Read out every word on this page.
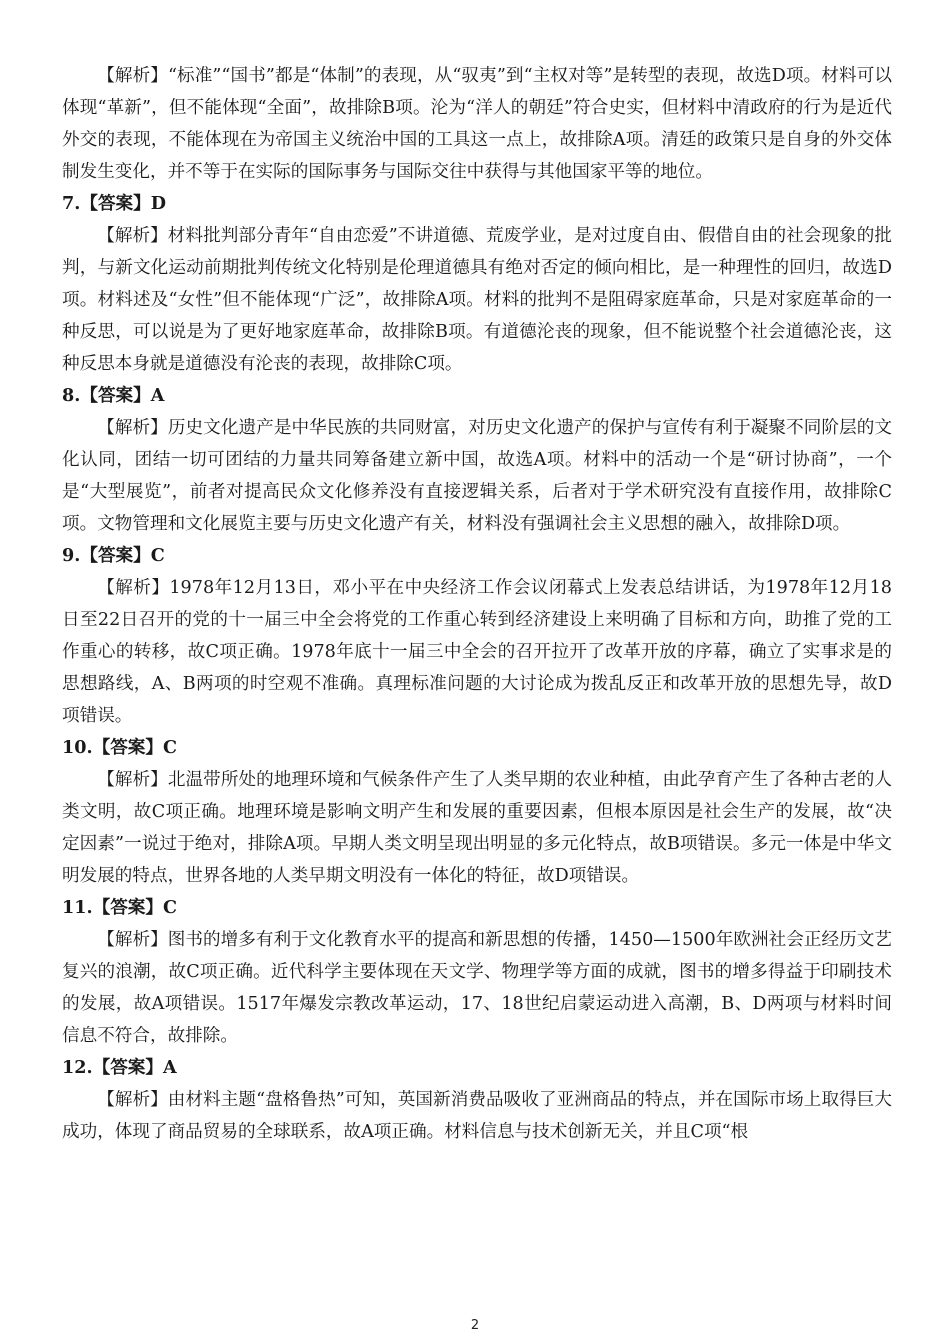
【解析】“标准”“国书”都是“体制”的表现，从“驭夷”到“主权对等”是转型的表现，故选D项。材料可以体现“革新”，但不能体现“全面”，故排除B项。沦为“洋人的朝廷”符合史实，但材料中清政府的行为是近代外交的表现，不能体现在为帝国主义统治中国的工具这一点上，故排除A项。清廷的政策只是自身的外交体制发生变化，并不等于在实际的国际事务与国际交往中获得与其他国家平等的地位。

7.【答案】D

【解析】材料批判部分青年“自由恋爱”不讲道德、荒废学业，是对过度自由、假借自由的社会现象的批判，与新文化运动前期批判传统文化特别是伦理道德具有绝对否定的倾向相比，是一种理性的回归，故选D项。材料述及“女性”但不能体现“广泛”，故排除A项。材料的批判不是阻碍家庭革命，只是对家庭革命的一种反思，可以说是为了更好地家庭革命，故排除B项。有道德沦丧的现象，但不能说整个社会道德沦丧，这种反思本身就是道德没有沦丧的表现，故排除C项。

8.【答案】A

【解析】历史文化遗产是中华民族的共同财富，对历史文化遗产的保护与宣传有利于凝聚不同阶层的文化认同，团结一切可团结的力量共同筹备建立新中国，故选A项。材料中的活动一个是“研讨协商”，一个是“大型展览”，前者对提高民众文化修养没有直接逻辑关系，后者对于学术研究没有直接作用，故排除C项。文物管理和文化展览主要与历史文化遗产有关，材料没有强调社会主义思想的融入，故排除D项。

9.【答案】C

【解析】1978年12月13日，邓小平在中央经济工作会议闭幕式上发表总结讲话，为1978年12月18日至22日召开的党的十一届三中全会将党的工作重心转到经济建设上来明确了目标和方向，助推了党的工作重心的转移，故C项正确。1978年底十一届三中全会的召开拉开了改革开放的序幕，确立了实事求是的思想路线，A、B两项的时空观不准确。真理标准问题的大讨论成为拨乱反正和改革开放的思想先导，故D项错误。

10.【答案】C

【解析】北温带所处的地理环境和气候条件产生了人类早期的农业种植，由此孕育产生了各种古老的人类文明，故C项正确。地理环境是影响文明产生和发展的重要因素，但根本原因是社会生产的发展，故“决定因素”一说过于绝对，排除A项。早期人类文明呈现出明显的多元化特点，故B项错误。多元一体是中华文明发展的特点，世界各地的人类早期文明没有一体化的特征，故D项错误。

11.【答案】C

【解析】图书的增多有利于文化教育水平的提高和新思想的传播，1450—1500年欧洲社会正经历文艺复兴的浪潮，故C项正确。近代科学主要体现在天文学、物理学等方面的成就，图书的增多得益于印刷技术的发展，故A项错误。1517年爆发宗教改革运动，17、18世纪启蒙运动进入高潮，B、D两项与材料时间信息不符合，故排除。

12.【答案】A

【解析】由材料主题“盘格鲁热”可知，英国新消费品吸收了亚洲商品的特点，并在国际市场上取得巨大成功，体现了商品贸易的全球联系，故A项正确。材料信息与技术创新无关，并且C项“根

2
